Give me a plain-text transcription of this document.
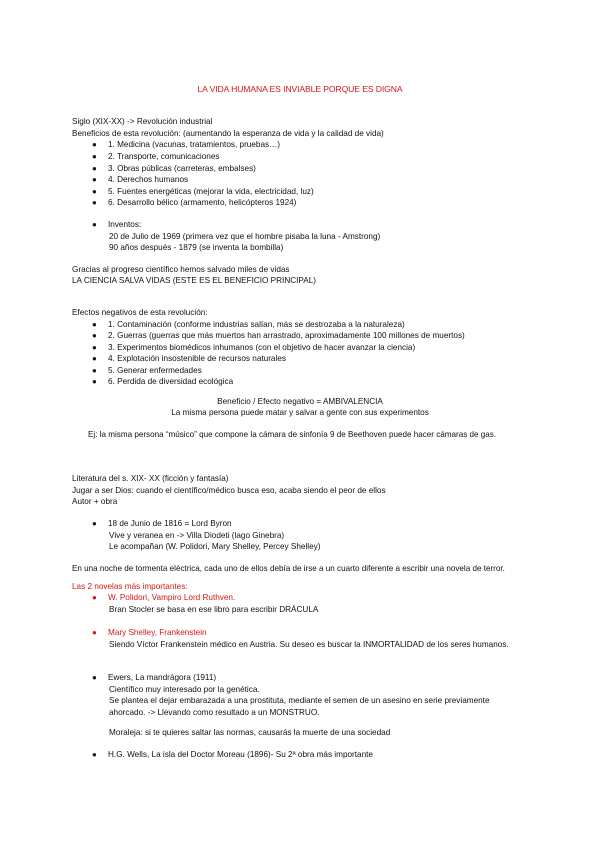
LA VIDA HUMANA ES INVIABLE PORQUE ES DIGNA
Siglo (XIX-XX) -> Revolución industrial
Beneficios de esta revolución: (aumentando la esperanza de vida y la calidad de vida)
● 1. Medicina (vacunas, tratamientos, pruebas…)
● 2. Transporte, comunicaciones
● 3. Obras públicas (carreteras, embalses)
● 4. Derechos humanos
● 5. Fuentes energéticas (mejorar la vida, electricidad, luz)
● 6. Desarrollo bélico (armamento, helicópteros 1924)
● Inventos:
20 de Julio de 1969 (primera vez que el hombre pisaba la luna - Amstrong)
90 años después - 1879 (se inventa la bombilla)
Gracias al progreso científico hemos salvado miles de vidas
LA CIENCIA SALVA VIDAS (ESTE ES EL BENEFICIO PRINCIPAL)
Efectos negativos de esta revolución:
● 1. Contaminación (conforme industrias salían, más se destrozaba a la naturaleza)
● 2. Guerras (guerras que más muertos han arrastrado, aproximadamente 100 millones de muertos)
● 3. Experimentos biomédicos inhumanos (con el objetivo de hacer avanzar la ciencia)
● 4. Explotación insostenible de recursos naturales
● 5. Generar enfermedades
● 6. Perdida de diversidad ecológica
Beneficio / Efecto negativo = AMBIVALENCIA
La misma persona puede matar y salvar a gente con sus experimentos
Ej: la misma persona “músico” que compone la cámara de sinfonía 9 de Beethoven puede hacer cámaras de gas.
Literatura del s. XIX- XX (ficción y fantasía)
Jugar a ser Dios: cuando el científico/médico busca eso, acaba siendo el peor de ellos
Autor + obra
● 18 de Junio de 1816 = Lord Byron
Vive y veranea en -> Villa Diodeti (lago Ginebra)
Le acompañan (W. Polidori, Mary Shelley, Percey Shelley)
En una noche de tormenta eléctrica, cada uno de ellos debía de irse a un cuarto diferente a escribir una novela de terror.
Las 2 novelas más importantes:
● W. Polidori, Vampiro Lord Ruthven.
Bran Stocler se basa en ese libro para escribir DRÁCULA
● Mary Shelley, Frankenstein
Siendo Víctor Frankenstein médico en Austria. Su deseo es buscar la INMORTALIDAD de los seres humanos.
● Ewers, La mandrágora (1911)
Científico muy interesado por la genética.
Se plantea el dejar embarazada a una prostituta, mediante el semen de un asesino en serie previamente
ahorcado. -> Llevando como resultado a un MONSTRUO.
Moraleja: si te quieres saltar las normas, causarás la muerte de una sociedad
● H.G. Wells, La isla del Doctor Moreau (1896)- Su 2ª obra más importante
